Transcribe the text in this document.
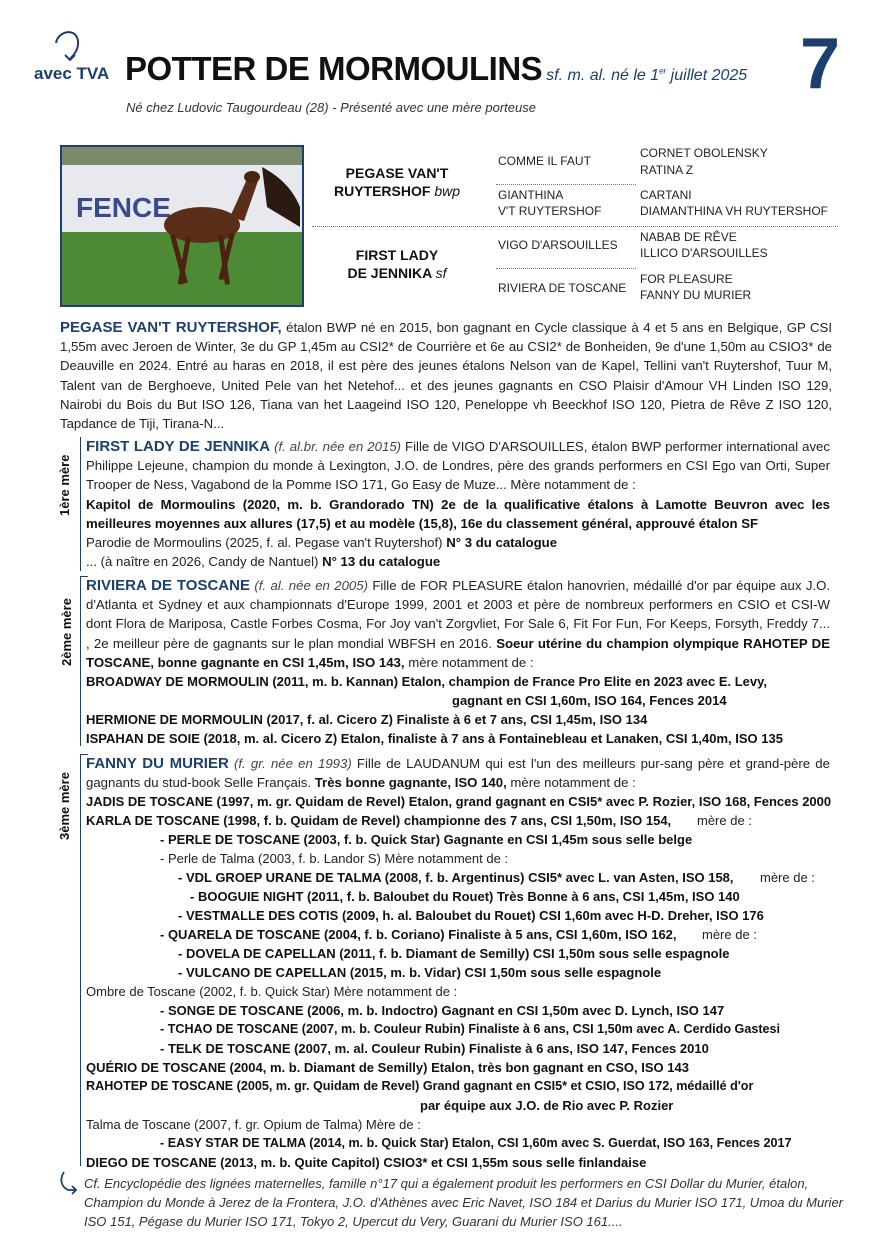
avec TVA POTTER DE MORMOULINS sf. m. al. né le 1er juillet 2025 7
Né chez Ludovic Taugourdeau (28) - Présenté avec une mère porteuse
FENCE
PEGASE VAN'T
RUYTERSHOF bwp
FIRST LADY
DE JENNIKA sf
COMME IL FAUT
GIANTHINA
V'T RUYTERSHOF
VIGO D'ARSOUILLES
RIVIERA DE TOSCANE
CORNET OBOLENSKY
RATINA Z
CARTANI
DIAMANTHINA VH RUYTERSHOF
NABAB DE RÊVE
ILLICO D'ARSOUILLES
FOR PLEASURE
FANNY DU MURIER
PEGASE VAN'T RUYTERSHOF, étalon BWP né en 2015, bon gagnant en Cycle classique à 4 et 5 ans en Belgique, GP CSI 1,55m avec Jeroen de Winter, 3e du GP 1,45m au CSI2* de Courrière et 6e au CSI2* de Bonheiden, 9e d'une 1,50m au CSIO3* de Deauville en 2024. Entré au haras en 2018, il est père des jeunes étalons Nelson van de Kapel, Tellini van't Ruytershof, Tuur M, Talent van de Berghoeve, United Pele van het Netehof... et des jeunes gagnants en CSO Plaisir d'Amour VH Linden ISO 129, Nairobi du Bois du But ISO 126, Tiana van het Laageind ISO 120, Peneloppe vh Beeckhof ISO 120, Pietra de Rêve Z ISO 120, Tapdance de Tiji, Tirana-N...
1ère mère
FIRST LADY DE JENNIKA (f. al.br. née en 2015) Fille de VIGO D'ARSOUILLES, étalon BWP performer international avec Philippe Lejeune, champion du monde à Lexington, J.O. de Londres, père des grands performers en CSI Ego van Orti, Super Trooper de Ness, Vagabond de la Pomme ISO 171, Go Easy de Muze... Mère notamment de :
Kapitol de Mormoulins (2020, m. b. Grandorado TN) 2e de la qualificative étalons à Lamotte Beuvron avec les meilleures moyennes aux allures (17,5) et au modèle (15,8), 16e du classement général, approuvé étalon SF
Parodie de Mormoulins (2025, f. al. Pegase van't Ruytershof) N° 3 du catalogue
... (à naître en 2026, Candy de Nantuel) N° 13 du catalogue
2ème mère
RIVIERA DE TOSCANE (f. al. née en 2005) Fille de FOR PLEASURE étalon hanovrien, médaillé d'or par équipe aux J.O. d'Atlanta et Sydney et aux championnats d'Europe 1999, 2001 et 2003 et père de nombreux performers en CSIO et CSI-W dont Flora de Mariposa, Castle Forbes Cosma, For Joy van't Zorgvliet, For Sale 6, Fit For Fun, For Keeps, Forsyth, Freddy 7... , 2e meilleur père de gagnants sur le plan mondial WBFSH en 2016. Soeur utérine du champion olympique RAHOTEP DE TOSCANE, bonne gagnante en CSI 1,45m, ISO 143, mère notamment de :
BROADWAY DE MORMOULIN (2011, m. b. Kannan) Etalon, champion de France Pro Elite en 2023 avec E. Levy,
gagnant en CSI 1,60m, ISO 164, Fences 2014
HERMIONE DE MORMOULIN (2017, f. al. Cicero Z) Finaliste à 6 et 7 ans, CSI 1,45m, ISO 134
ISPAHAN DE SOIE (2018, m. al. Cicero Z) Etalon, finaliste à 7 ans à Fontainebleau et Lanaken, CSI 1,40m, ISO 135
3ème mère
FANNY DU MURIER (f. gr. née en 1993) Fille de LAUDANUM qui est l'un des meilleurs pur-sang père et grand-père de gagnants du stud-book Selle Français. Très bonne gagnante, ISO 140, mère notamment de :
JADIS DE TOSCANE (1997, m. gr. Quidam de Revel) Etalon, grand gagnant en CSI5* avec P. Rozier, ISO 168, Fences 2000
KARLA DE TOSCANE (1998, f. b. Quidam de Revel) championne des 7 ans, CSI 1,50m, ISO 154, mère de :
- PERLE DE TOSCANE (2003, f. b. Quick Star) Gagnante en CSI 1,45m sous selle belge
- Perle de Talma (2003, f. b. Landor S) Mère notamment de :
- VDL GROEP URANE DE TALMA (2008, f. b. Argentinus) CSI5* avec L. van Asten, ISO 158, mère de :
- BOOGUIE NIGHT (2011, f. b. Baloubet du Rouet) Très Bonne à 6 ans, CSI 1,45m, ISO 140
- VESTMALLE DES COTIS (2009, h. al. Baloubet du Rouet) CSI 1,60m avec H-D. Dreher, ISO 176
- QUARELA DE TOSCANE (2004, f. b. Coriano) Finaliste à 5 ans, CSI 1,60m, ISO 162, mère de :
- DOVELA DE CAPELLAN (2011, f. b. Diamant de Semilly) CSI 1,50m sous selle espagnole
- VULCANO DE CAPELLAN (2015, m. b. Vidar) CSI 1,50m sous selle espagnole
Ombre de Toscane (2002, f. b. Quick Star) Mère notamment de :
- SONGE DE TOSCANE (2006, m. b. Indoctro) Gagnant en CSI 1,50m avec D. Lynch, ISO 147
- TCHAO DE TOSCANE (2007, m. b. Couleur Rubin) Finaliste à 6 ans, CSI 1,50m avec A. Cerdido Gastesi
- TELK DE TOSCANE (2007, m. al. Couleur Rubin) Finaliste à 6 ans, ISO 147, Fences 2010
QUÉRIO DE TOSCANE (2004, m. b. Diamant de Semilly) Etalon, très bon gagnant en CSO, ISO 143
RAHOTEP DE TOSCANE (2005, m. gr. Quidam de Revel) Grand gagnant en CSI5* et CSIO, ISO 172, médaillé d'or
par équipe aux J.O. de Rio avec P. Rozier
Talma de Toscane (2007, f. gr. Opium de Talma) Mère de :
- EASY STAR DE TALMA (2014, m. b. Quick Star) Etalon, CSI 1,60m avec S. Guerdat, ISO 163, Fences 2017
DIEGO DE TOSCANE (2013, m. b. Quite Capitol) CSIO3* et CSI 1,55m sous selle finlandaise
Cf. Encyclopédie des lignées maternelles, famille n°17 qui a également produit les performers en CSI Dollar du Murier, étalon, Champion du Monde à Jerez de la Frontera, J.O. d'Athènes avec Eric Navet, ISO 184 et Darius du Murier ISO 171, Umoa du Murier ISO 151, Pégase du Murier ISO 171, Tokyo 2, Upercut du Very, Guarani du Murier ISO 161....
